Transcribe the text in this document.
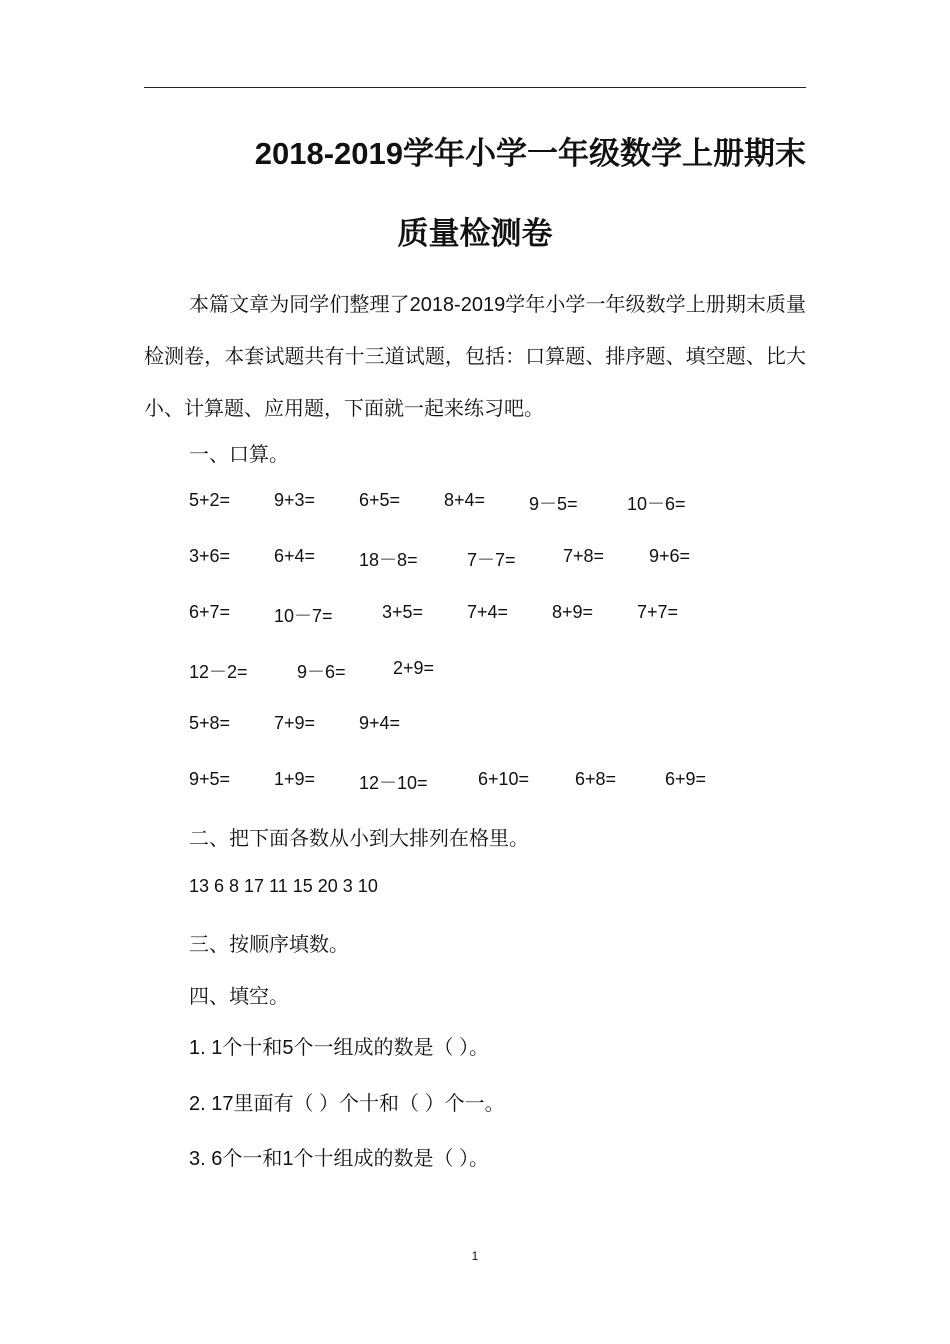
2018-2019学年小学一年级数学上册期末
质量检测卷
本篇文章为同学们整理了2018-2019学年小学一年级数学上册期末质量检测卷，本套试题共有十三道试题，包括：口算题、排序题、填空题、比大小、计算题、应用题，下面就一起来练习吧。
一、口算。
5+2= 9+3= 6+5= 8+4= 9－5=	10－6=
3+6= 6+4= 18－8=	7－7=	7+8= 9+6=
6+7= 10－7=	3+5= 7+4= 8+9= 7+7=
12－2=	9－6=	2+9=
5+8= 7+9= 9+4=
9+5= 1+9= 12－10=	6+10=	6+8=	6+9=
二、把下面各数从小到大排列在格里。
13 6 8 17 11 15 20 3 10
三、按顺序填数。
四、填空。
1. 1个十和5个一组成的数是（ ）。
2. 17里面有（ ）个十和（ ）个一。
3. 6个一和1个十组成的数是（ ）。
1
